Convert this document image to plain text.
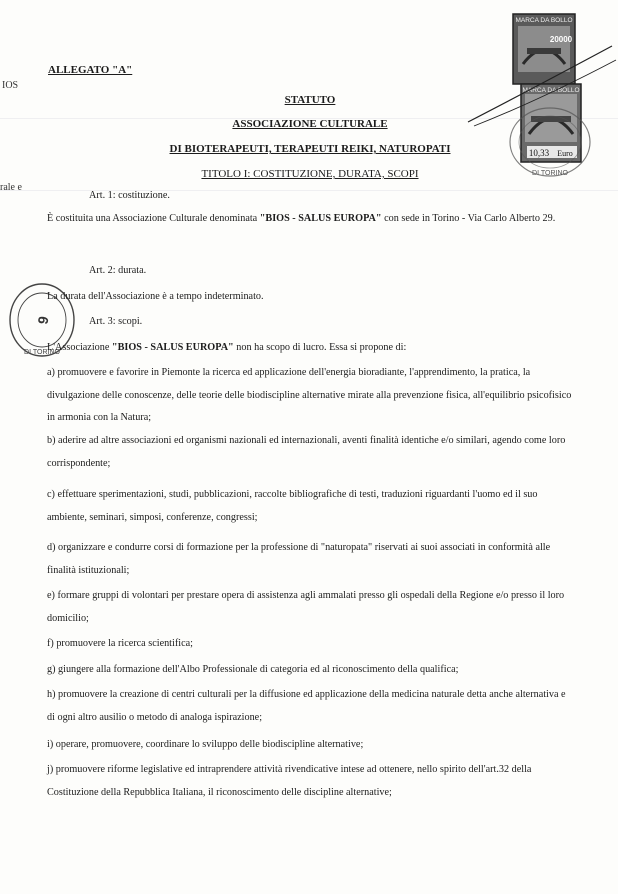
IOS
rale e
ALLEGATO "A"
STATUTO
ASSOCIAZIONE CULTURALE
DI BIOTERAPEUTI, TERAPEUTI REIKI, NATUROPATI
TITOLO I: COSTITUZIONE, DURATA, SCOPI
MARCA DA BOLLO
20000
MARCA DA BOLLO
10,33 Euro
DI TORINO
9
DI TORINO
Art. 1: costituzione.
È costituita una Associazione Culturale denominata "BIOS - SALUS EUROPA" con sede in Torino - Via Carlo Alberto 29.
Art. 2: durata.
La durata dell'Associazione è a tempo indeterminato.
Art. 3: scopi.
L'Associazione "BIOS - SALUS EUROPA" non ha scopo di lucro. Essa si propone di:
a) promuovere e favorire in Piemonte la ricerca ed applicazione dell'energia bioradiante, l'apprendimento, la pratica, la divulgazione delle conoscenze, delle teorie delle biodiscipline alternative mirate alla prevenzione fisica, all'equilibrio psicofisico in armonia con la Natura;
b) aderire ad altre associazioni ed organismi nazionali ed internazionali, aventi finalità identiche e/o similari, agendo come loro corrispondente;
c) effettuare sperimentazioni, studi, pubblicazioni, raccolte bibliografiche di testi, traduzioni riguardanti l'uomo ed il suo ambiente, seminari, simposi, conferenze, congressi;
d) organizzare e condurre corsi di formazione per la professione di "naturopata" riservati ai suoi associati in conformità alle finalità istituzionali;
e) formare gruppi di volontari per prestare opera di assistenza agli ammalati presso gli ospedali della Regione e/o presso il loro domicilio;
f) promuovere la ricerca scientifica;
g) giungere alla formazione dell'Albo Professionale di categoria ed al riconoscimento della qualifica;
h) promuovere la creazione di centri culturali per la diffusione ed applicazione della medicina naturale detta anche alternativa e di ogni altro ausilio o metodo di analoga ispirazione;
i) operare, promuovere, coordinare lo sviluppo delle biodiscipline alternative;
j) promuovere riforme legislative ed intraprendere attività rivendicative intese ad ottenere, nello spirito dell'art.32 della Costituzione della Repubblica Italiana, il riconoscimento delle discipline alternative;
